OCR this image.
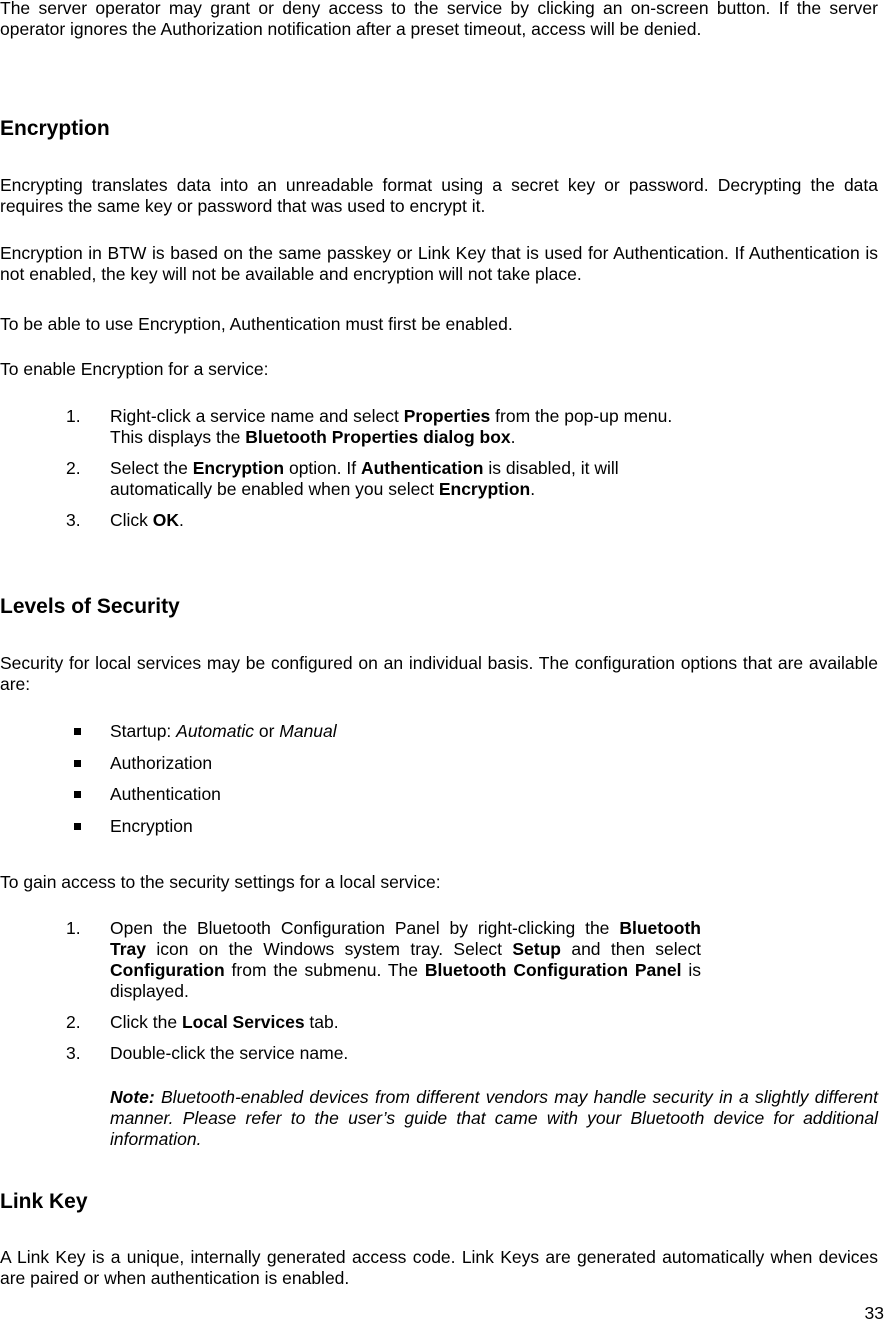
The server operator may grant or deny access to the service by clicking an on-screen button. If the server operator ignores the Authorization notification after a preset timeout, access will be denied.

Encryption

Encrypting translates data into an unreadable format using a secret key or password. Decrypting the data requires the same key or password that was used to encrypt it.

Encryption in BTW is based on the same passkey or Link Key that is used for Authentication. If Authentication is not enabled, the key will not be available and encryption will not take place.

To be able to use Encryption, Authentication must first be enabled.

To enable Encryption for a service:

1. Right-click a service name and select Properties from the pop-up menu. This displays the Bluetooth Properties dialog box.
2. Select the Encryption option. If Authentication is disabled, it will automatically be enabled when you select Encryption.
3. Click OK.
Levels of Security

Security for local services may be configured on an individual basis. The configuration options that are available are:

Startup: Automatic or Manual
Authorization
Authentication
Encryption

To gain access to the security settings for a local service:

1. Open the Bluetooth Configuration Panel by right-clicking the Bluetooth Tray icon on the Windows system tray. Select Setup and then select Configuration from the submenu. The Bluetooth Configuration Panel is displayed.
2. Click the Local Services tab.
3. Double-click the service name.

Note: Bluetooth-enabled devices from different vendors may handle security in a slightly different manner. Please refer to the user’s guide that came with your Bluetooth device for additional information.

Link Key

A Link Key is a unique, internally generated access code. Link Keys are generated automatically when devices are paired or when authentication is enabled.

33
